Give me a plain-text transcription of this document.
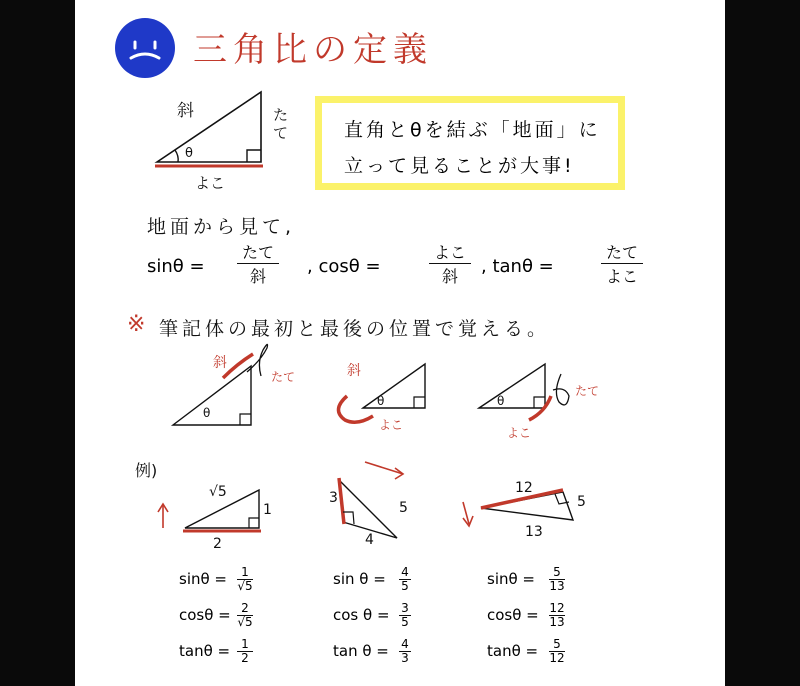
三角比の定義
斜	たて
よこ
θ
直角とθを結ぶ「地面」に
立って見ることが大事!
地面から見て,
sinθ =
たて
斜	, cosθ =
よこ
斜	, tanθ =
たて
よこ
※ 筆記体の最初と最後の位置で覚える。
斜
たて
θ
斜
よこ
θ
たて
よこ
θ
例)
√5
1
2
$\sin\theta = \frac{1}{√5}$
$\cos\theta = \frac{2}{√5}$
$\tan\theta = \frac{1}{2}$
3
5
4
$\sin \theta = \frac{4}{5}$
$\cos \theta = \frac{3}{5}$
$\tan \theta = \frac{4}{3}$
12
5
13
$\sin\theta = \frac{5}{13}$
$\cos\theta = \frac{12}{13}$
$\tan\theta = \frac{5}{12}$
